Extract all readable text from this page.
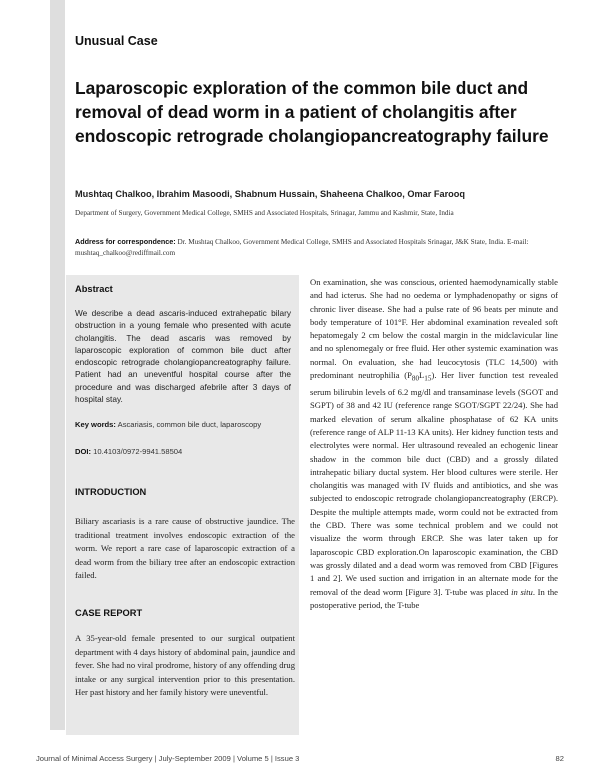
Unusual Case
Laparoscopic exploration of the common bile duct and removal of dead worm in a patient of cholangitis after endoscopic retrograde cholangiopancreatography failure
Mushtaq Chalkoo, Ibrahim Masoodi, Shabnum Hussain, Shaheena Chalkoo, Omar Farooq
Department of Surgery, Government Medical College, SMHS and Associated Hospitals, Srinagar, Jammu and Kashmir, State, India
Address for correspondence: Dr. Mushtaq Chalkoo, Government Medical College, SMHS and Associated Hospitals Srinagar, J&K State, India. E-mail: mushtaq_chalkoo@rediffmail.com
Abstract
We describe a dead ascaris-induced extrahepatic bilary obstruction in a young female who presented with acute cholangitis. The dead ascaris was removed by laparoscopic exploration of common bile duct after endoscopic retrograde cholangiopancreatography failure. Patient had an uneventful hospital course after the procedure and was discharged afebrile after 3 days of hospital stay.
Key words: Ascariasis, common bile duct, laparoscopy
DOI: 10.4103/0972-9941.58504
INTRODUCTION
Biliary ascariasis is a rare cause of obstructive jaundice. The traditional treatment involves endoscopic extraction of the worm. We report a rare case of laparoscopic extraction of a dead worm from the biliary tree after an endoscopic extraction failed.
CASE REPORT
A 35-year-old female presented to our surgical outpatient department with 4 days history of abdominal pain, jaundice and fever. She had no viral prodrome, history of any offending drug intake or any surgical intervention prior to this presentation. Her past history and her family history were uneventful.

On examination, she was conscious, oriented haemodynamically stable and had icterus. She had no oedema or lymphadenopathy or signs of chronic liver disease. She had a pulse rate of 96 beats per minute and body temperature of 101°F. Her abdominal examination revealed soft hepatomegaly 2 cm below the costal margin in the midclavicular line and no splenomegaly or free fluid. Her other systemic examination was normal. On evaluation, she had leucocytosis (TLC 14,500) with predominant neutrophilia $(P_{80}L_{15})$. Her liver function test revealed serum bilirubin levels of 6.2 mg/dl and transaminase levels (SGOT and SGPT) of 38 and 42 IU (reference range SGOT/SGPT 22/24). She had marked elevation of serum alkaline phosphatase of 62 KA units (reference range of ALP 11-13 KA units). Her kidney function tests and electrolytes were normal. Her ultrasound revealed an echogenic linear shadow in the common bile duct (CBD) and a grossly dilated intrahepatic biliary ductal system. Her blood cultures were sterile. Her cholangitis was managed with IV fluids and antibiotics, and she was subjected to endoscopic retrograde cholangiopancreatography (ERCP). Despite the multiple attempts made, worm could not be extracted from the CBD. There was some technical problem and we could not visualize the worm through ERCP. She was later taken up for laparoscopic CBD exploration.On laparoscopic examination, the CBD was grossly dilated and a dead worm was removed from CBD [Figures 1 and 2]. We used suction and irrigation in an alternate mode for the removal of the dead worm [Figure 3]. T-tube was placed in situ. In the postoperative period, the T-tube

Journal of Minimal Access Surgery | July-September 2009 | Volume 5 | Issue 3	82
